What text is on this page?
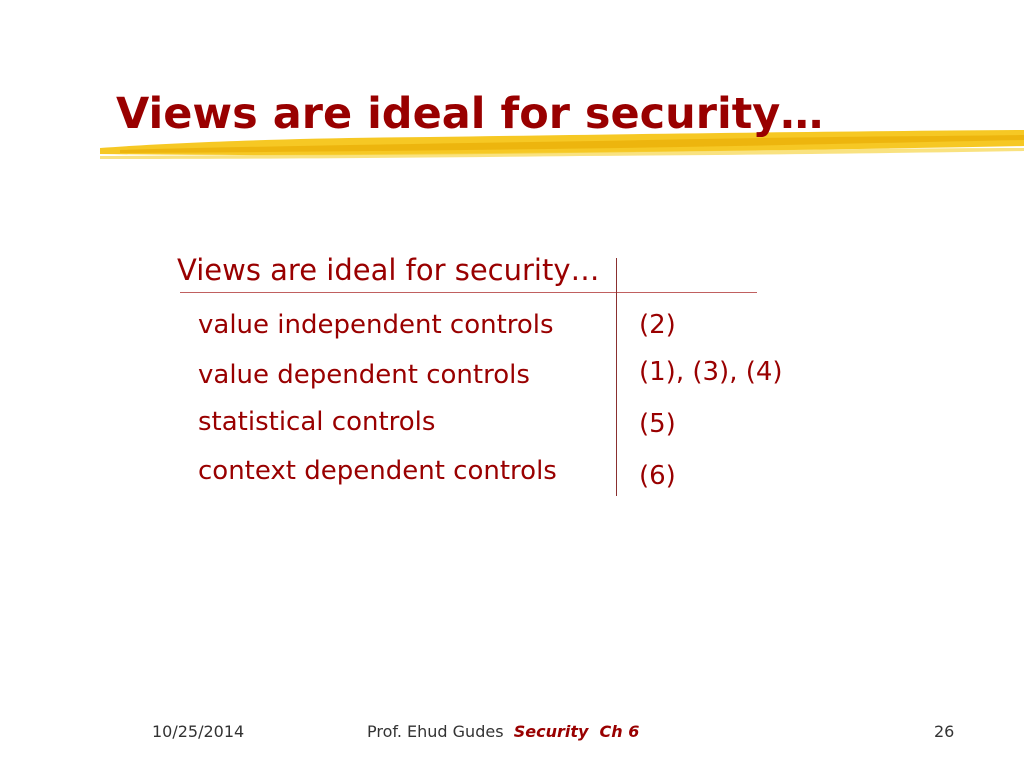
Views are ideal for security…
Views are ideal for security…
value independent controls	(2)
value dependent controls	(1), (3), (4)
statistical controls	(5)
context dependent controls	(6)
10/25/2014	Prof. Ehud Gudes Security  Ch 6	26
